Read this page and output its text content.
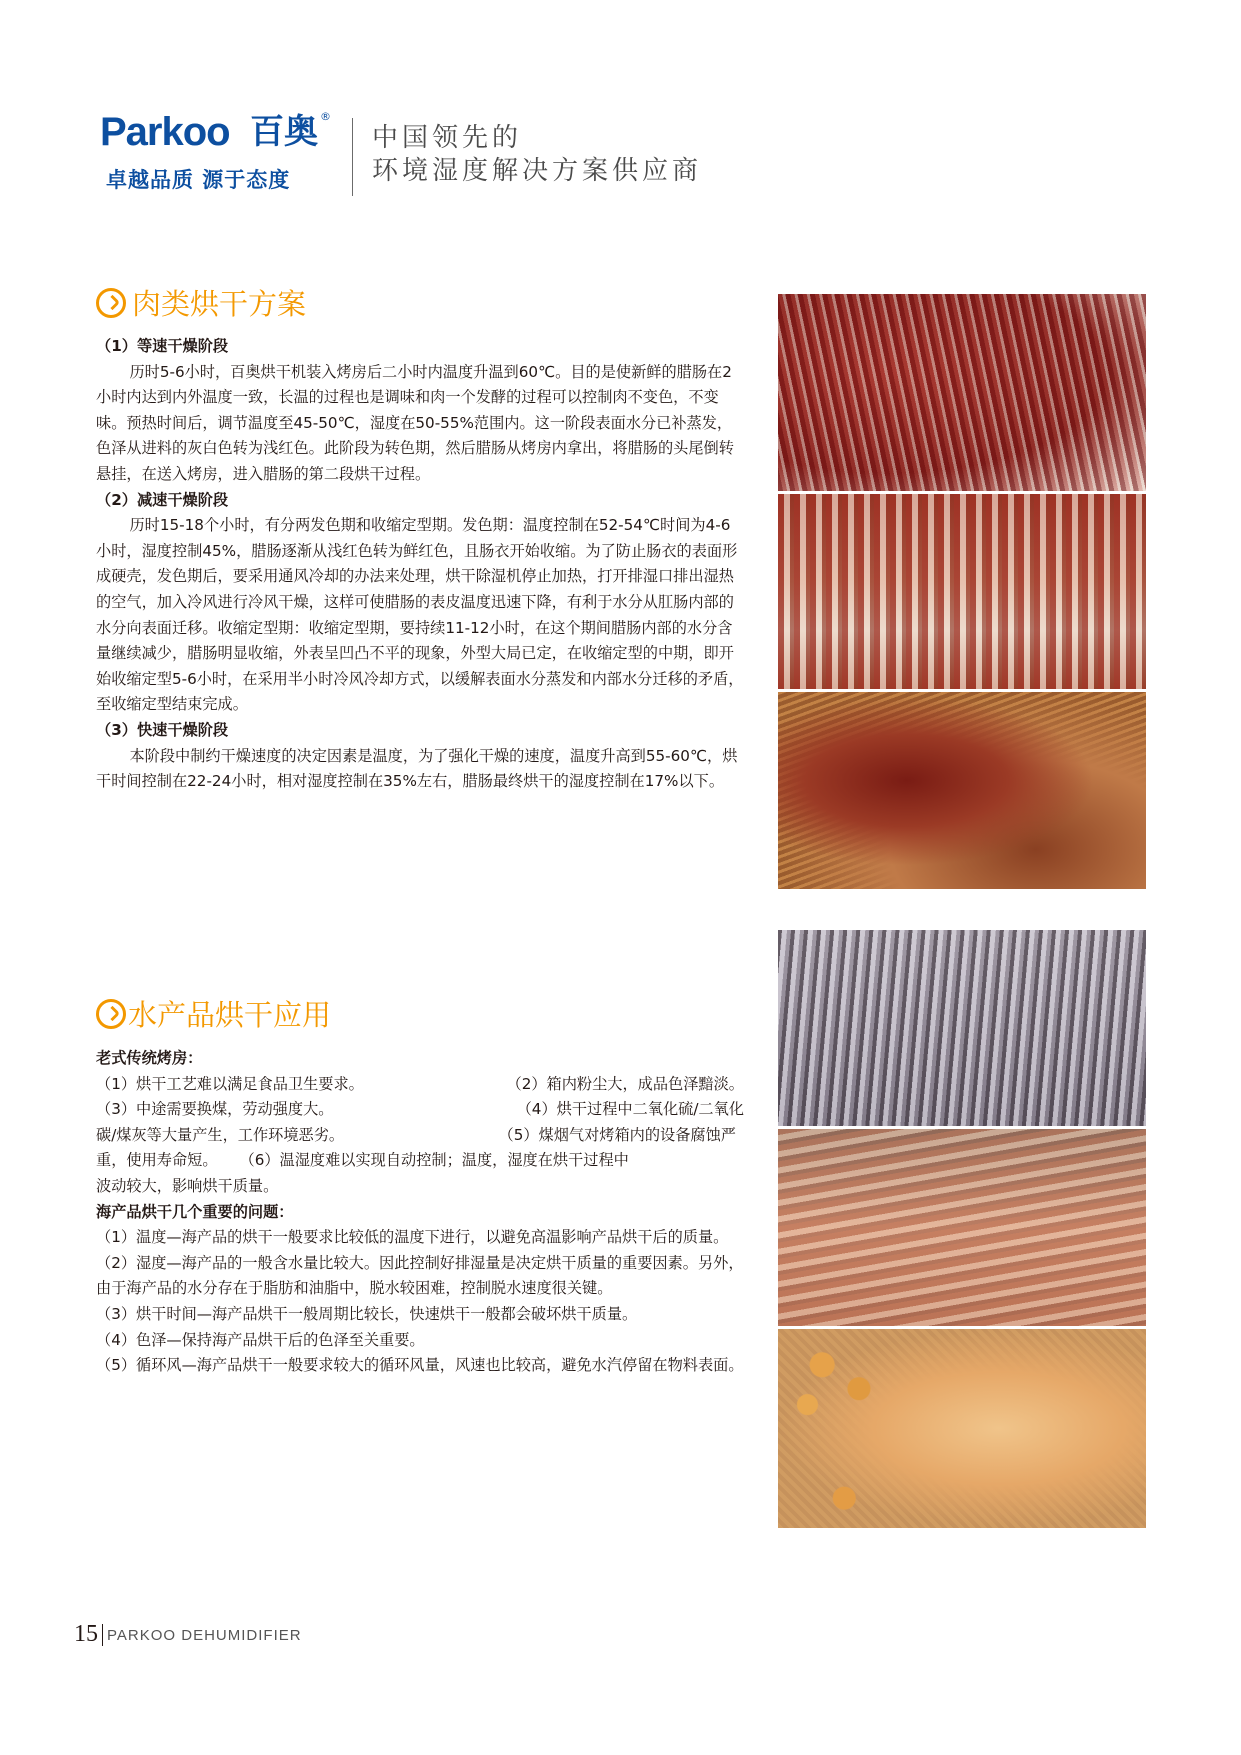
Parkoo 百奥 ®
卓越品质 源于态度
中国领先的
环境湿度解决方案供应商
肉类烘干方案

（1）等速干燥阶段

历时5-6小时，百奥烘干机装入烤房后二小时内温度升温到60℃。目的是使新鲜的腊肠在2小时内达到内外温度一致，长温的过程也是调味和肉一个发酵的过程可以控制肉不变色，不变味。预热时间后，调节温度至45-50℃，湿度在50-55%范围内。这一阶段表面水分已补蒸发，色泽从进料的灰白色转为浅红色。此阶段为转色期，然后腊肠从烤房内拿出，将腊肠的头尾倒转悬挂，在送入烤房，进入腊肠的第二段烘干过程。

（2）减速干燥阶段

历时15-18个小时，有分两发色期和收缩定型期。发色期：温度控制在52-54℃时间为4-6小时，湿度控制45%，腊肠逐渐从浅红色转为鲜红色，且肠衣开始收缩。为了防止肠衣的表面形成硬壳，发色期后，要采用通风冷却的办法来处理，烘干除湿机停止加热，打开排湿口排出湿热的空气，加入冷风进行冷风干燥，这样可使腊肠的表皮温度迅速下降，有利于水分从肛肠内部的水分向表面迁移。收缩定型期：收缩定型期，要持续11-12小时，在这个期间腊肠内部的水分含量继续减少，腊肠明显收缩，外表呈凹凸不平的现象，外型大局已定，在收缩定型的中期，即开始收缩定型5-6小时，在采用半小时冷风冷却方式，以缓解表面水分蒸发和内部水分迁移的矛盾，至收缩定型结束完成。

（3）快速干燥阶段

本阶段中制约干燥速度的决定因素是温度，为了强化干燥的速度，温度升高到55-60℃，烘干时间控制在22-24小时，相对湿度控制在35%左右，腊肠最终烘干的湿度控制在17%以下。

水产品烘干应用

老式传统烤房：

（1）烘干工艺难以满足食品卫生要求。	（2）箱内粉尘大，成品色泽黯淡。
（3）中途需要换煤，劳动强度大。	（4）烘干过程中二氧化硫/二氧化
碳/煤灰等大量产生，工作环境恶劣。	（5）煤烟气对烤箱内的设备腐蚀严
重，使用寿命短。 （6）温湿度难以实现自动控制；温度，湿度在烘干过程中

波动较大，影响烘干质量。

海产品烘干几个重要的问题：

（1）温度—海产品的烘干一般要求比较低的温度下进行，以避免高温影响产品烘干后的质量。

（2）湿度—海产品的一般含水量比较大。因此控制好排湿量是决定烘干质量的重要因素。另外，由于海产品的水分存在于脂肪和油脂中，脱水较困难，控制脱水速度很关键。

（3）烘干时间—海产品烘干一般周期比较长，快速烘干一般都会破坏烘干质量。

（4）色泽—保持海产品烘干后的色泽至关重要。

（5）循环风—海产品烘干一般要求较大的循环风量，风速也比较高，避免水汽停留在物料表面。

15 PARKOO DEHUMIDIFIER
